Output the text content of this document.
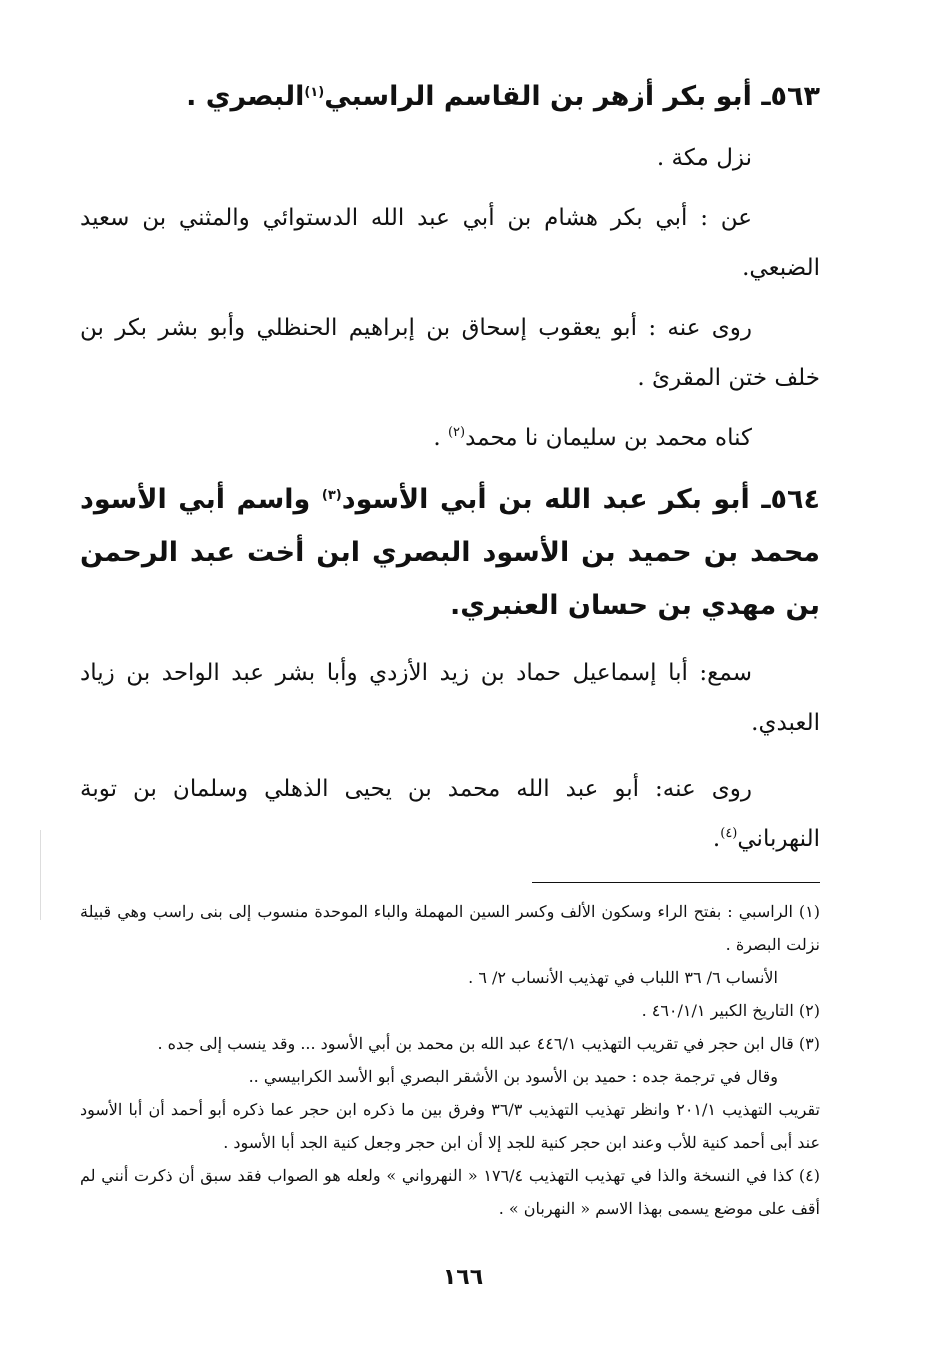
٥٦٣ـ أبو بكر أزهر بن القاسم الراسبي$^{(١)}$البصري .
نزل مكة .
عن : أبي بكر هشام بن أبي عبد الله الدستوائي والمثني بن سعيد الضبعي.
روى عنه : أبو يعقوب إسحاق بن إبراهيم الحنظلي وأبو بشر بكر بن خلف ختن المقرئ .
كناه محمد بن سليمان نا محمد$^{(٢)}$ .
٥٦٤ـ أبو بكر عبد الله بن أبي الأسود$^{(٣)}$ واسم أبي الأسود محمد بن حميد بن الأسود البصري ابن أخت عبد الرحمن بن مهدي بن حسان العنبري.
سمع: أبا إسماعيل حماد بن زيد الأزدي وأبا بشر عبد الواحد بن زياد العبدي.
روى عنه: أبو عبد الله محمد بن يحيى الذهلي وسلمان بن توبة النهرباني$^{(٤)}$.
(١) الراسبي : بفتح الراء وسكون الألف وكسر السين المهملة والباء الموحدة منسوب إلى بنى راسب وهي قبيلة نزلت البصرة .
الأنساب ٦/ ٣٦ اللباب في تهذيب الأنساب ٢/ ٦ .
(٢) التاريخ الكبير ٤٦٠/١/١ .
(٣) قال ابن حجر في تقريب التهذيب ٤٤٦/١ عبد الله بن محمد بن أبي الأسود ... وقد ينسب إلى جده .
وقال في ترجمة جده : حميد بن الأسود بن الأشقر البصري أبو الأسد الكرابيسي ..
تقريب التهذيب ٢٠١/١ وانظر تهذيب التهذيب ٣٦/٣ وفرق بين ما ذكره ابن حجر عما ذكره أبو أحمد أن أبا الأسود عند أبى أحمد كنية للأب وعند ابن حجر كنية للجد إلا أن ابن حجر وجعل كنية الجد أبا الأسود .
(٤) كذا في النسخة والذا في تهذيب التهذيب ١٧٦/٤ « النهرواني » ولعله هو الصواب فقد سبق أن ذكرت أنني لم أقف على موضع يسمى بهذا الاسم « النهربان » .
١٦٦
